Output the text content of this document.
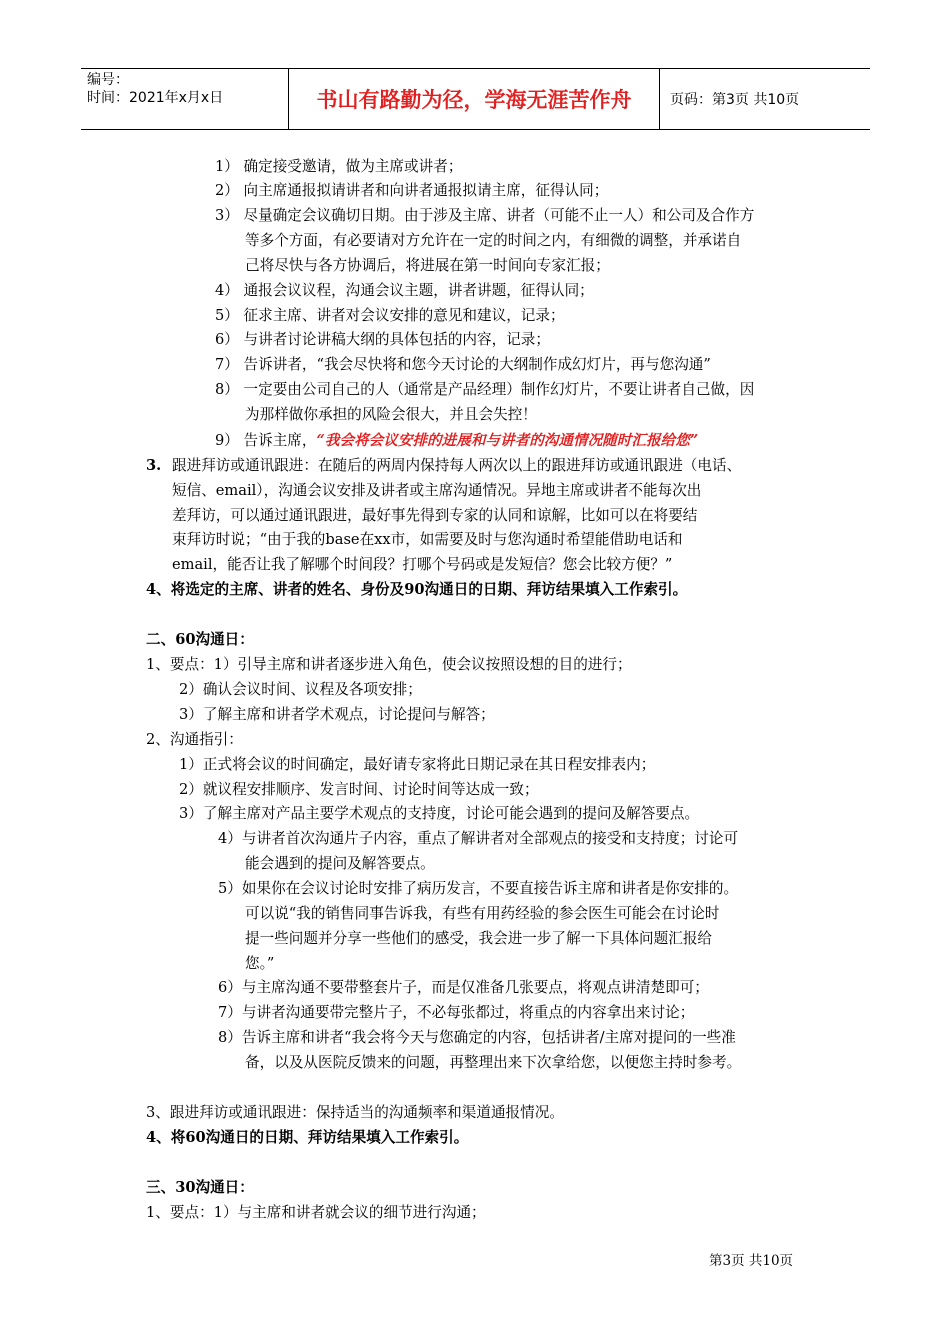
编号：
时间：2021年x月x日	书山有路勤为径，学海无涯苦作舟	页码：第3页 共10页
1） 确定接受邀请，做为主席或讲者；
2） 向主席通报拟请讲者和向讲者通报拟请主席，征得认同；
3） 尽量确定会议确切日期。由于涉及主席、讲者（可能不止一人）和公司及合作方
等多个方面，有必要请对方允许在一定的时间之内，有细微的调整，并承诺自
己将尽快与各方协调后，将进展在第一时间向专家汇报；
4） 通报会议议程，沟通会议主题，讲者讲题，征得认同；
5） 征求主席、讲者对会议安排的意见和建议，记录；
6） 与讲者讨论讲稿大纲的具体包括的内容，记录；
7） 告诉讲者，“我会尽快将和您今天讨论的大纲制作成幻灯片，再与您沟通”
8） 一定要由公司自己的人（通常是产品经理）制作幻灯片，不要让讲者自己做，因
为那样做你承担的风险会很大，并且会失控！
9） 告诉主席，“我会将会议安排的进展和与讲者的沟通情况随时汇报给您”
3. 跟进拜访或通讯跟进：在随后的两周内保持每人两次以上的跟进拜访或通讯跟进（电话、
短信、email），沟通会议安排及讲者或主席沟通情况。异地主席或讲者不能每次出
差拜访，可以通过通讯跟进，最好事先得到专家的认同和谅解，比如可以在将要结
束拜访时说；“由于我的base在xx市，如需要及时与您沟通时希望能借助电话和
email，能否让我了解哪个时间段？打哪个号码或是发短信？您会比较方便？”
4、将选定的主席、讲者的姓名、身份及90沟通日的日期、拜访结果填入工作索引。
二、60沟通日：
1、要点：1）引导主席和讲者逐步进入角色，使会议按照设想的目的进行；
2）确认会议时间、议程及各项安排；
3）了解主席和讲者学术观点，讨论提问与解答；
2、沟通指引：
1）正式将会议的时间确定，最好请专家将此日期记录在其日程安排表内；
2）就议程安排顺序、发言时间、讨论时间等达成一致；
3）了解主席对产品主要学术观点的支持度，讨论可能会遇到的提问及解答要点。
4）与讲者首次沟通片子内容，重点了解讲者对全部观点的接受和支持度；讨论可
能会遇到的提问及解答要点。
5）如果你在会议讨论时安排了病历发言，不要直接告诉主席和讲者是你安排的。
可以说“我的销售同事告诉我，有些有用药经验的参会医生可能会在讨论时
提一些问题并分享一些他们的感受，我会进一步了解一下具体问题汇报给
您。”
6）与主席沟通不要带整套片子，而是仅准备几张要点，将观点讲清楚即可；
7）与讲者沟通要带完整片子，不必每张都过，将重点的内容拿出来讨论；
8）告诉主席和讲者“我会将今天与您确定的内容，包括讲者/主席对提问的一些准
备，以及从医院反馈来的问题，再整理出来下次拿给您，以便您主持时参考。
3、跟进拜访或通讯跟进：保持适当的沟通频率和渠道通报情况。
4、将60沟通日的日期、拜访结果填入工作索引。
三、30沟通日：
1、要点：1）与主席和讲者就会议的细节进行沟通；
第3页 共10页
